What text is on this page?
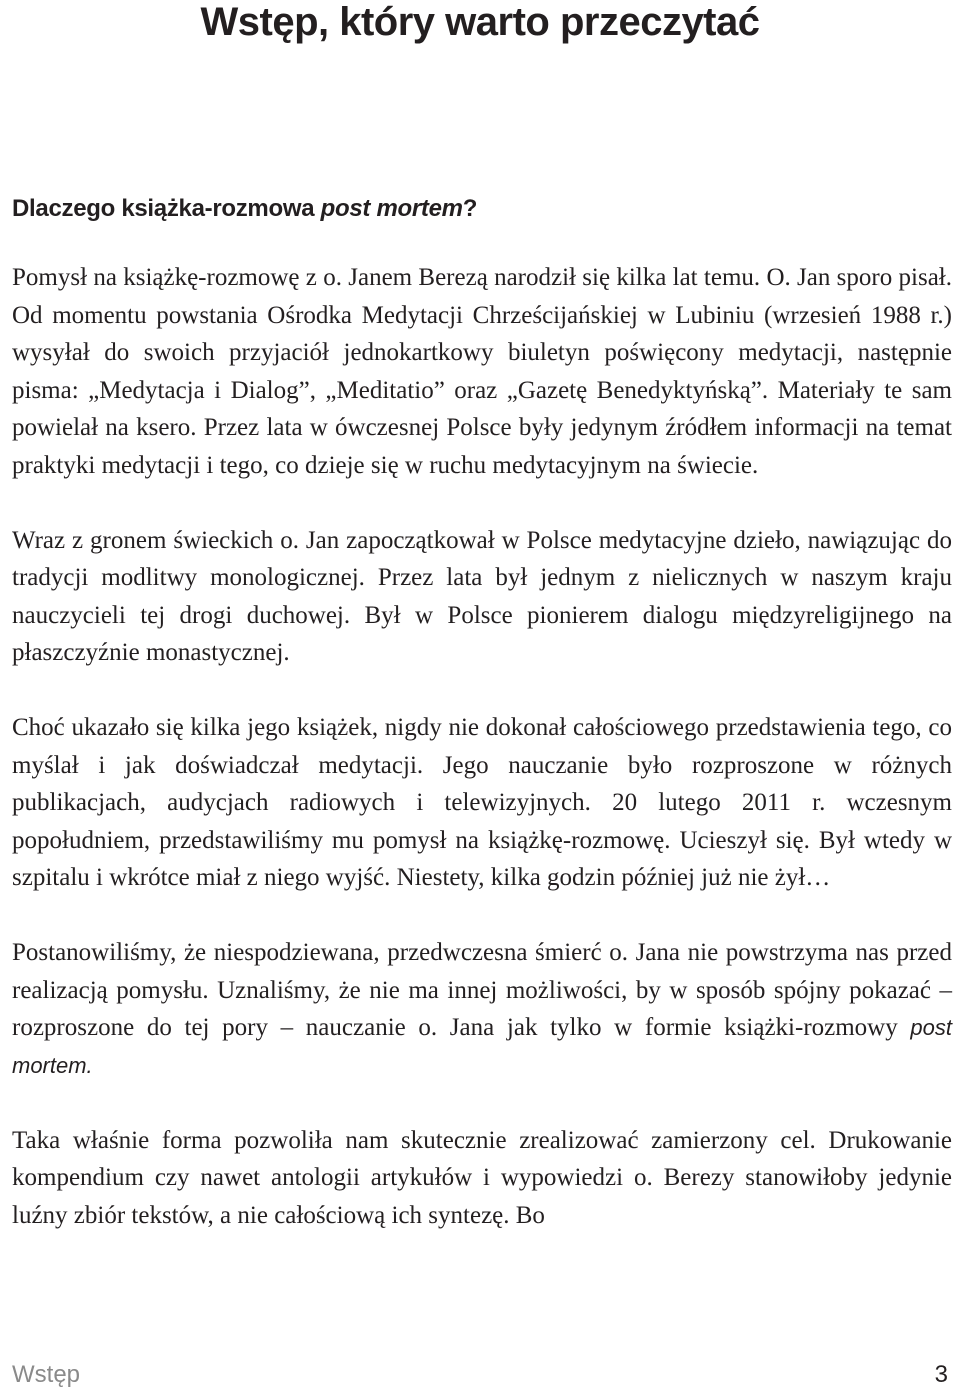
Wstęp, który warto przeczytać
Dlaczego książka-rozmowa post mortem?

Pomysł na książkę-rozmowę z o. Janem Berezą narodził się kilka lat temu. O. Jan sporo pisał. Od momentu powstania Ośrodka Medytacji Chrześcijańskiej w Lubiniu (wrzesień 1988 r.) wysyłał do swoich przyjaciół jednokartkowy biuletyn poświęcony medytacji, następnie pisma: „Medytacja i Dialog”, „Meditatio” oraz „Gazetę Benedyktyńską”. Materiały te sam powielał na ksero. Przez lata w ówczesnej Polsce były jedynym źródłem informacji na temat praktyki medytacji i tego, co dzieje się w ruchu medytacyjnym na świecie.

Wraz z gronem świeckich o. Jan zapoczątkował w Polsce medytacyjne dzieło, nawiązując do tradycji modlitwy monologicznej. Przez lata był jednym z nielicznych w naszym kraju nauczycieli tej drogi duchowej. Był w Polsce pionierem dialogu międzyreligijnego na płaszczyźnie monastycznej.

Choć ukazało się kilka jego książek, nigdy nie dokonał całościowego przedstawienia tego, co myślał i jak doświadczał medytacji. Jego nauczanie było rozproszone w różnych publikacjach, audycjach radiowych i telewizyjnych. 20 lutego 2011 r. wczesnym popołudniem, przedstawiliśmy mu pomysł na książkę-rozmowę. Ucieszył się. Był wtedy w szpitalu i wkrótce miał z niego wyjść. Niestety, kilka godzin później już nie żył…

Postanowiliśmy, że niespodziewana, przedwczesna śmierć o. Jana nie powstrzyma nas przed realizacją pomysłu. Uznaliśmy, że nie ma innej możliwości, by w sposób spójny pokazać – rozproszone do tej pory – nauczanie o. Jana jak tylko w formie książki-rozmowy post mortem.

Taka właśnie forma pozwoliła nam skutecznie zrealizować zamierzony cel. Drukowanie kompendium czy nawet antologii artykułów i wypowiedzi o. Berezy stanowiłoby jedynie luźny zbiór tekstów, a nie całościową ich syntezę. Bo

Wstęp	3
